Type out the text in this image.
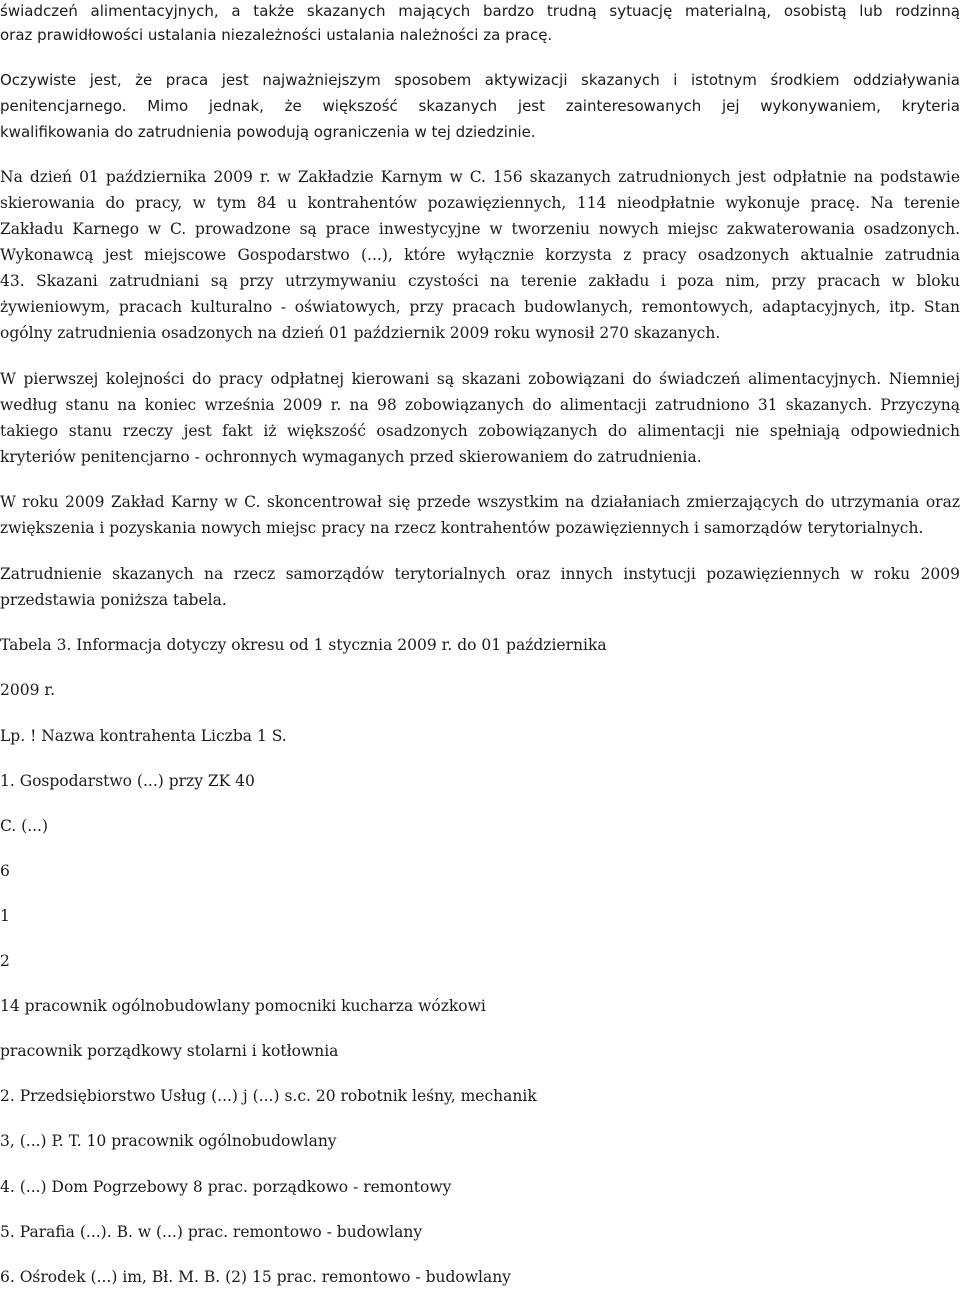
świadczeń alimentacyjnych, a także skazanych mających bardzo trudną sytuację materialną, osobistą lub rodzinną
oraz prawidłowości ustalania niezależności ustalania należności za pracę.
Oczywiste jest, że praca jest najważniejszym sposobem aktywizacji skazanych i istotnym środkiem oddziaływania
penitencjarnego. Mimo jednak, że większość skazanych jest zainteresowanych jej wykonywaniem, kryteria
kwalifikowania do zatrudnienia powodują ograniczenia w tej dziedzinie.
Na dzień 01 października 2009 r. w Zakładzie Karnym w C. 156 skazanych zatrudnionych jest odpłatnie na podstawie
skierowania do pracy, w tym 84 u kontrahentów pozawięziennych, 114 nieodpłatnie wykonuje pracę. Na terenie
Zakładu Karnego w C. prowadzone są prace inwestycyjne w tworzeniu nowych miejsc zakwaterowania osadzonych.
Wykonawcą jest miejscowe Gospodarstwo (...), które wyłącznie korzysta z pracy osadzonych aktualnie zatrudnia
43. Skazani zatrudniani są przy utrzymywaniu czystości na terenie zakładu i poza nim, przy pracach w bloku
żywieniowym, pracach kulturalno - oświatowych, przy pracach budowlanych, remontowych, adaptacyjnych, itp. Stan
ogólny zatrudnienia osadzonych na dzień 01 październik 2009 roku wynosił 270 skazanych.
W pierwszej kolejności do pracy odpłatnej kierowani są skazani zobowiązani do świadczeń alimentacyjnych. Niemniej
według stanu na koniec września 2009 r. na 98 zobowiązanych do alimentacji zatrudniono 31 skazanych. Przyczyną
takiego stanu rzeczy jest fakt iż większość osadzonych zobowiązanych do alimentacji nie spełniają odpowiednich
kryteriów penitencjarno - ochronnych wymaganych przed skierowaniem do zatrudnienia.
W roku 2009 Zakład Karny w C. skoncentrował się przede wszystkim na działaniach zmierzających do utrzymania oraz
zwiększenia i pozyskania nowych miejsc pracy na rzecz kontrahentów pozawięziennych i samorządów terytorialnych.
Zatrudnienie skazanych na rzecz samorządów terytorialnych oraz innych instytucji pozawięziennych w roku 2009
przedstawia poniższa tabela.
Tabela 3. Informacja dotyczy okresu od 1 stycznia 2009 r. do 01 października
2009 r.
Lp. ! Nazwa kontrahenta Liczba 1 S.
1. Gospodarstwo (...) przy ZK 40
C. (...)
6
1
2
14 pracownik ogólnobudowlany pomocniki kucharza wózkowi
pracownik porządkowy stolarni i kotłownia
2. Przedsiębiorstwo Usług (...) j (...) s.c. 20 robotnik leśny, mechanik
3, (...) P. T. 10 pracownik ogólnobudowlany
4. (...) Dom Pogrzebowy 8 prac. porządkowo - remontowy
5. Parafia (...). B. w (...) prac. remontowo - budowlany
6. Ośrodek (...) im, Bł. M. B. (2) 15 prac. remontowo - budowlany
